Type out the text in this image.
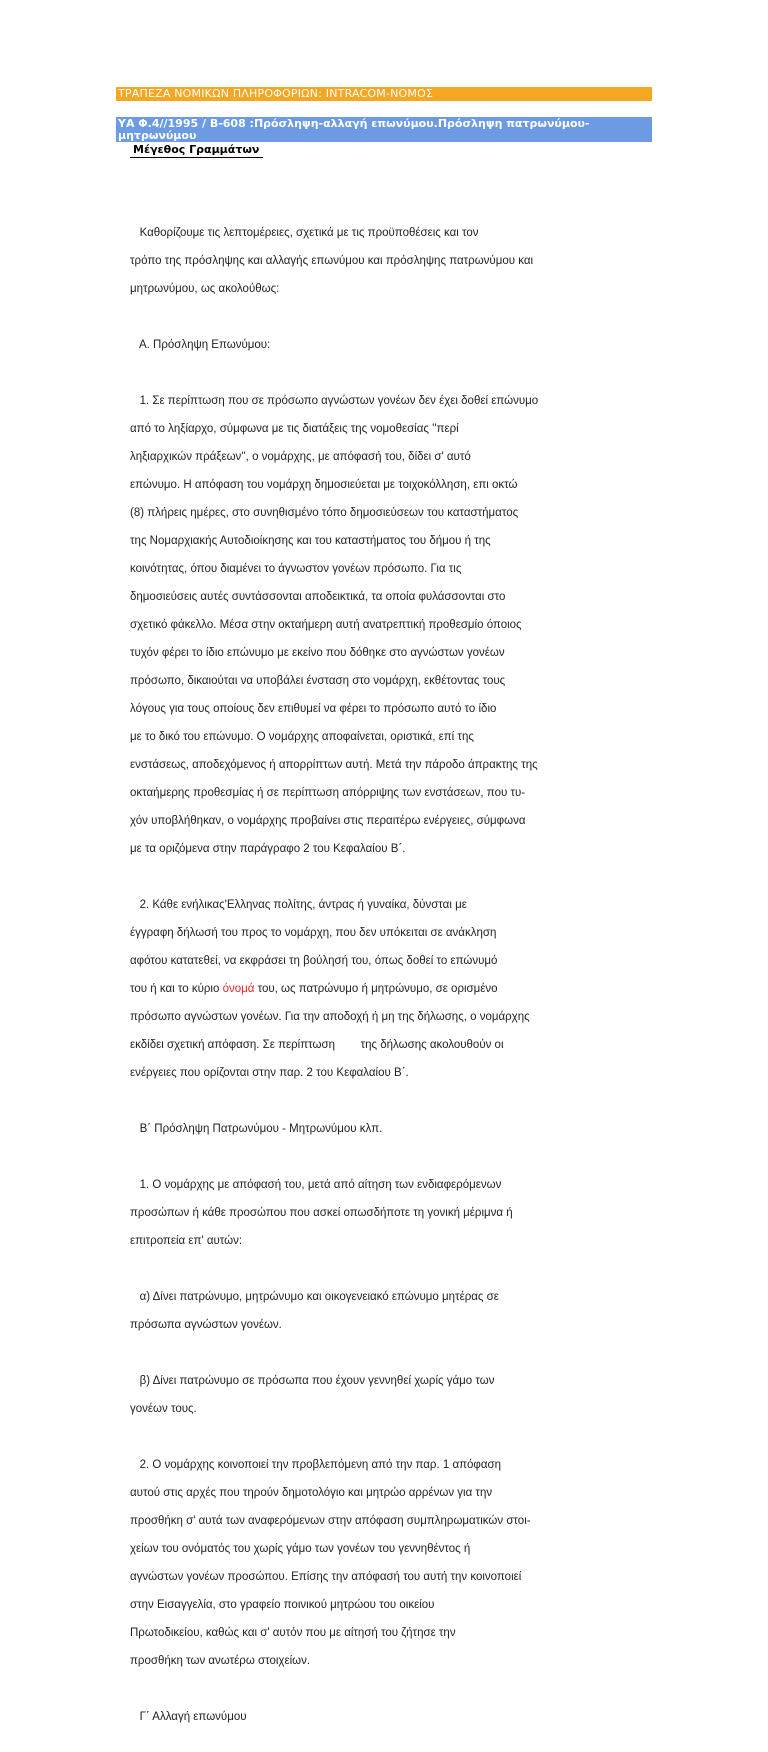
ΤΡΑΠΕΖΑ ΝΟΜΙΚΩΝ ΠΛΗΡΟΦΟΡΙΩΝ: INTRACOM-ΝΟΜΟΣ
ΥΑ Φ.4//1995 / Β-608 :Πρόσληψη-αλλαγή επωνύμου.Πρόσληψη πατρωνύμου-
μητρωνύμου
Μέγεθος Γραμμάτων

Καθορίζουμε τις λεπτομέρειες, σχετικά με τις προϋποθέσεις και τον

τρόπο της πρόσληψης και αλλαγής επωνύμου και πρόσληψης πατρωνύμου και

μητρωνύμου, ως ακολούθως:

Α. Πρόσληψη Επωνύμου:

1. Σε περίπτωση που σε πρόσωπο αγνώστων γονέων δεν έχει δοθεί επώνυμο

από το ληξίαρχο, σύμφωνα με τις διατάξεις της νομοθεσίας ''περί

ληξιαρχικών πράξεων'', ο νομάρχης, με απόφασή του, δίδει σ' αυτό

επώνυμο. Η απόφαση του νομάρχη δημοσιεύεται με τοιχοκόλληση, επι οκτώ

(8) πλήρεις ημέρες, στο συνηθισμένο τόπο δημοσιεύσεων του καταστήματος

της Νομαρχιακής Αυτοδιοίκησης και του καταστήματος του δήμου ή της

κοινότητας, όπου διαμένει το άγνωστον γονέων πρόσωπο. Για τις

δημοσιεύσεις αυτές συντάσσονται αποδεικτικά, τα οποία φυλάσσονται στο

σχετικό φάκελλο. Μέσα στην οκταήμερη αυτή ανατρεπτική προθεσμίο όποιος

τυχόν φέρει το ίδιο επώνυμο με εκείνο που δόθηκε στο αγνώστων γονέων

πρόσωπο, δικαιούται να υποβάλει ένσταση στο νομάρχη, εκθέτοντας τους

λόγους για τους οποίους δεν επιθυμεί να φέρει το πρόσωπο αυτό το ίδιο

με το δικό του επώνυμο. Ο νομάρχης αποφαίνεται, οριστικά, επί της

ενστάσεως, αποδεχόμενος ή απορρίπτων αυτή. Μετά την πάροδο άπρακτης της

οκταήμερης προθεσμίας ή σε περίπτωση απόρριψης των ενστάσεων, που τυ-

χόν υποβλήθηκαν, ο νομάρχης προβαίνει στις περαιτέρω ενέργειες, σύμφωνα

με τα οριζόμενα στην παράγραφο 2 του Κεφαλαίου Β΄.

2. Κάθε ενήλικας'Ελληνας πολίτης, άντρας ή γυναίκα, δύνσται με

έγγραφη δήλωσή του προς το νομάρχη, που δεν υπόκειται σε ανάκληση

αφότου κατατεθεί, να εκφράσει τη βούλησή του, όπως δοθεί το επώνυμό

του ή και το κύριο όνομά του, ως πατρώνυμο ή μητρώνυμο, σε ορισμένο

πρόσωπο αγνώστων γονέων. Για την αποδοχή ή μη της δήλωσης, ο νομάρχης

εκδίδει σχετική απόφαση. Σε περίπτωση        της δήλωσης ακολουθούν οι

ενέργειες που ορίζονται στην παρ. 2 του Κεφαλαίου Β΄.

Β΄ Πρόσληψη Πατρωνύμου - Μητρωνύμου κλπ.

1. Ο νομάρχης με απόφασή του, μετά από αίτηση των ενδιαφερόμενων

προσώπων ή κάθε προσώπου που ασκεί οπωσδήποτε τη γονική μέριμνα ή

επιτροπεία επ' αυτών:

α) Δίνει πατρώνυμο, μητρώνυμο και οικογενειακό επώνυμο μητέρας σε

πρόσωπα αγνώστων γονέων.

β) Δίνει πατρώνυμο σε πρόσωπα που έχουν γεννηθεί χωρίς γάμο των

γονέων τους.

2. Ο νομάρχης κοινοποιεί την προβλεπόμενη από την παρ. 1 απόφαση

αυτού στις αρχές που τηρούν δημοτολόγιο και μητρώο αρρένων για την

προσθήκη σ' αυτά των αναφερόμενων στην απόφαση συμπληρωματικών στοι-

χείων του ονόματός του χωρίς γάμο των γονέων του γεννηθέντος ή

αγνώστων γονέων προσώπου. Επίσης την απόφασή του αυτή την κοινοποιεί

στην Εισαγγελία, στο γραφείο ποινικού μητρώου του οικείου

Πρωτοδικείου, καθώς και σ' αυτόν που με αίτησή του ζήτησε την

προσθήκη των ανωτέρω στοιχείων.

Γ΄ Αλλαγή επωνύμου
